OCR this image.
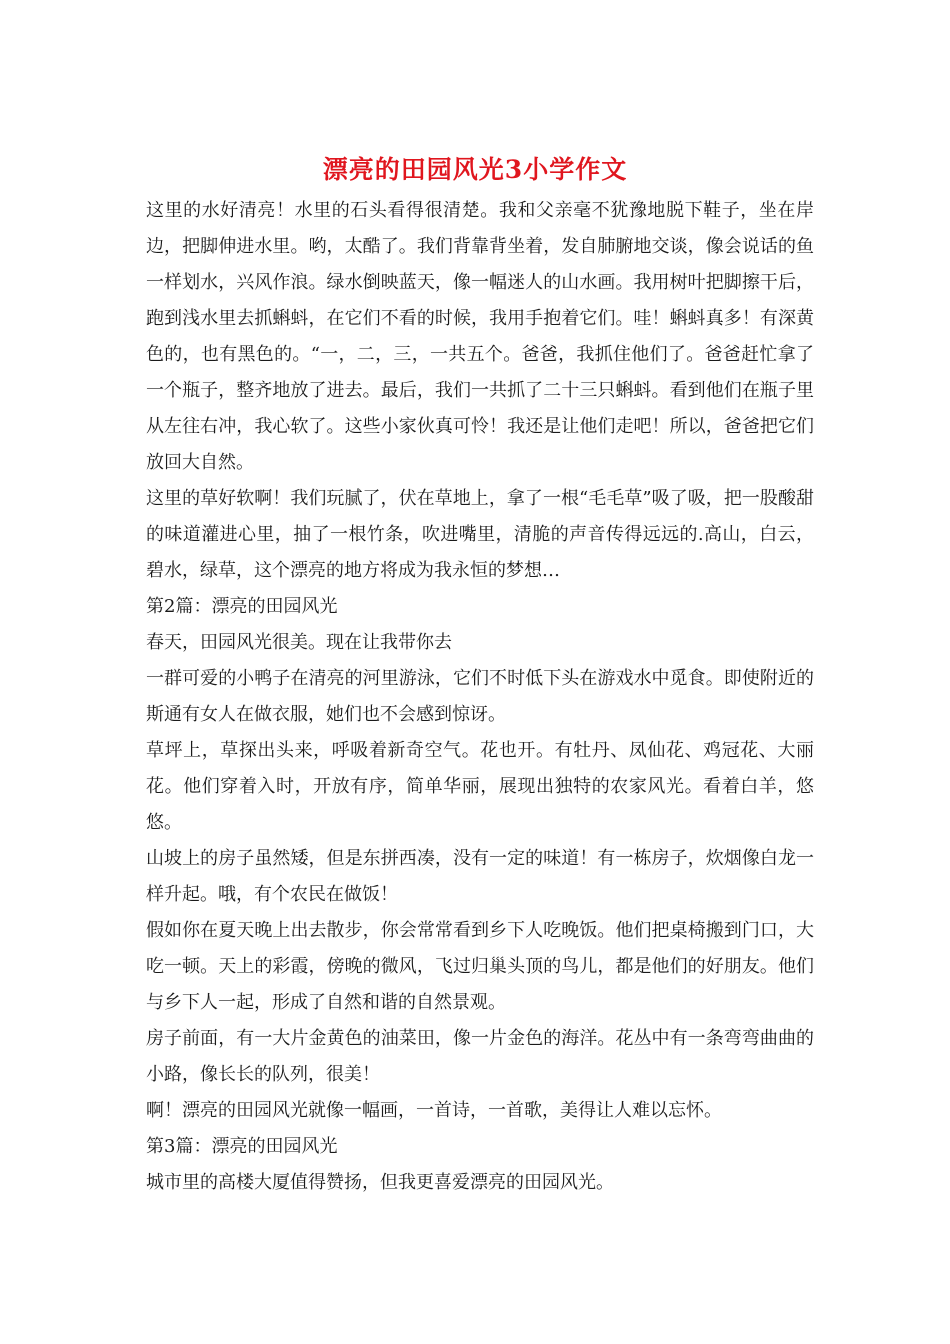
漂亮的田园风光3小学作文

这里的水好清亮！水里的石头看得很清楚。我和父亲毫不犹豫地脱下鞋子，坐在岸边，把脚伸进水里。哟，太酷了。我们背靠背坐着，发自肺腑地交谈，像会说话的鱼一样划水，兴风作浪。绿水倒映蓝天，像一幅迷人的山水画。我用树叶把脚擦干后，跑到浅水里去抓蝌蚪，在它们不看的时候，我用手抱着它们。哇！蝌蚪真多！有深黄色的，也有黑色的。“一，二，三，一共五个。爸爸，我抓住他们了。爸爸赶忙拿了一个瓶子，整齐地放了进去。最后，我们一共抓了二十三只蝌蚪。看到他们在瓶子里从左往右冲，我心软了。这些小家伙真可怜！我还是让他们走吧！所以，爸爸把它们放回大自然。

这里的草好软啊！我们玩腻了，伏在草地上，拿了一根“毛毛草”吸了吸，把一股酸甜的味道灌进心里，抽了一根竹条，吹进嘴里，清脆的声音传得远远的.高山，白云，碧水，绿草，这个漂亮的地方将成为我永恒的梦想…

第2篇：漂亮的田园风光

春天，田园风光很美。现在让我带你去

一群可爱的小鸭子在清亮的河里游泳，它们不时低下头在游戏水中觅食。即使附近的斯通有女人在做衣服，她们也不会感到惊讶。

草坪上，草探出头来，呼吸着新奇空气。花也开。有牡丹、凤仙花、鸡冠花、大丽花。他们穿着入时，开放有序，简单华丽，展现出独特的农家风光。看着白羊，悠悠。

山坡上的房子虽然矮，但是东拼西凑，没有一定的味道！有一栋房子，炊烟像白龙一样升起。哦，有个农民在做饭！

假如你在夏天晚上出去散步，你会常常看到乡下人吃晚饭。他们把桌椅搬到门口，大吃一顿。天上的彩霞，傍晚的微风，飞过归巢头顶的鸟儿，都是他们的好朋友。他们与乡下人一起，形成了自然和谐的自然景观。

房子前面，有一大片金黄色的油菜田，像一片金色的海洋。花丛中有一条弯弯曲曲的小路，像长长的队列，很美！

啊！漂亮的田园风光就像一幅画，一首诗，一首歌，美得让人难以忘怀。

第3篇：漂亮的田园风光

城市里的高楼大厦值得赞扬，但我更喜爱漂亮的田园风光。
